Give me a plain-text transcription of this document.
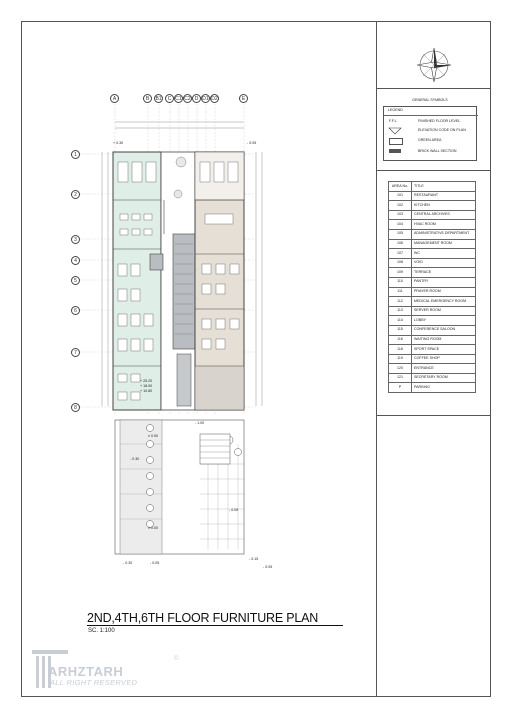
GENERAL SYMBOLS
LEGEND
F.F.L	FINISHED FLOOR LEVEL
ELEVATION CODE ON PLAN
GREEN AREA
BRICK WALL SECTION
AREA No.	TITLE
101	RESTAURANT
102	KITCHEN
103	CENTRAL ARCHIVES
104	HVAC ROOM
105	ADMINISTRATIVE DEPARTMENT
106	MANAGEMENT ROOM
107	WC
108	VOID
109	TERRACE
110	PANTRY
111	PRAYER ROOM
112	MEDICAL EMERGENCY ROOM
113	SERVER ROOM
114	LOBBY
115	CONFERENCE SALOON
116	WAITING ROOM
118	SPORT SPACE
119	COFFEE SHOP
120	ENTRANCE
121	SECRETARY ROOM
P	PARKING
A	B	B1	C C1 C2 D D1 D2	E
1
2
3
4
5
6
7
8
+ 0.30	- 0.05
+ 25.20
+ 18.00
+ 10.80
± 0.00
- 1.00
- 0.30
- 0.05
± 0.00
- 0.30	- 0.05
- 0.05
- 0.15
2ND,4TH,6TH FLOOR FURNITURE PLAN
SC. 1:100
ARHZTARH
ALL RIGHT RESERVED
©
